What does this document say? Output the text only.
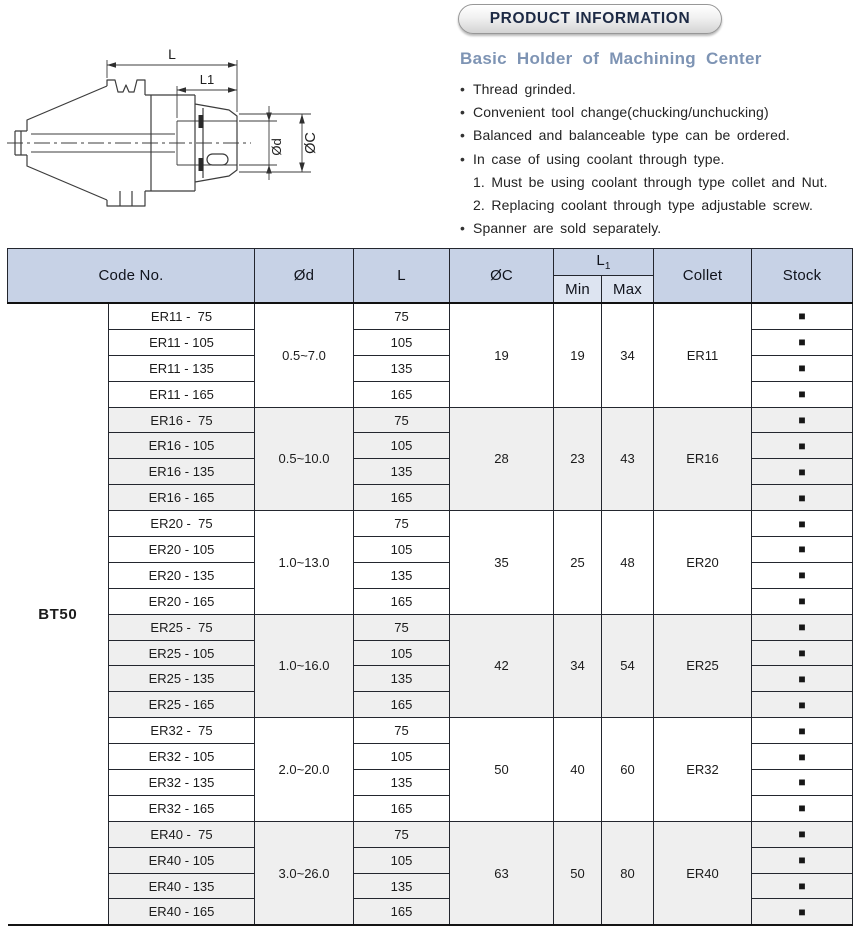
L
L1
Ød ØC
PRODUCT INFORMATION
Basic Holder of Machining Center
• Thread grinded.
• Convenient tool change(chucking/unchucking)
• Balanced and balanceable type can be ordered.
• In case of using coolant through type.
1. Must be using coolant through type collet and Nut.
2. Replacing coolant through type adjustable screw.
• Spanner are sold separately.
Code No.		Ød	L	ØC	$L_1$		Collet	Stock
					Min	Max		
BT50	ER11 -  75	0.5~7.0	75	19	19	34	ER11	■
	ER11 - 105		105					■
	ER11 - 135		135					■
	ER11 - 165		165					■
	ER16 -  75	0.5~10.0	75	28	23	43	ER16	■
	ER16 - 105		105					■
	ER16 - 135		135					■
	ER16 - 165		165					■
	ER20 -  75	1.0~13.0	75	35	25	48	ER20	■
	ER20 - 105		105					■
	ER20 - 135		135					■
	ER20 - 165		165					■
	ER25 -  75	1.0~16.0	75	42	34	54	ER25	■
	ER25 - 105		105					■
	ER25 - 135		135					■
	ER25 - 165		165					■
	ER32 -  75	2.0~20.0	75	50	40	60	ER32	■
	ER32 - 105		105					■
	ER32 - 135		135					■
	ER32 - 165		165					■
	ER40 -  75	3.0~26.0	75	63	50	80	ER40	■
	ER40 - 105		105					■
	ER40 - 135		135					■
	ER40 - 165		165					■
